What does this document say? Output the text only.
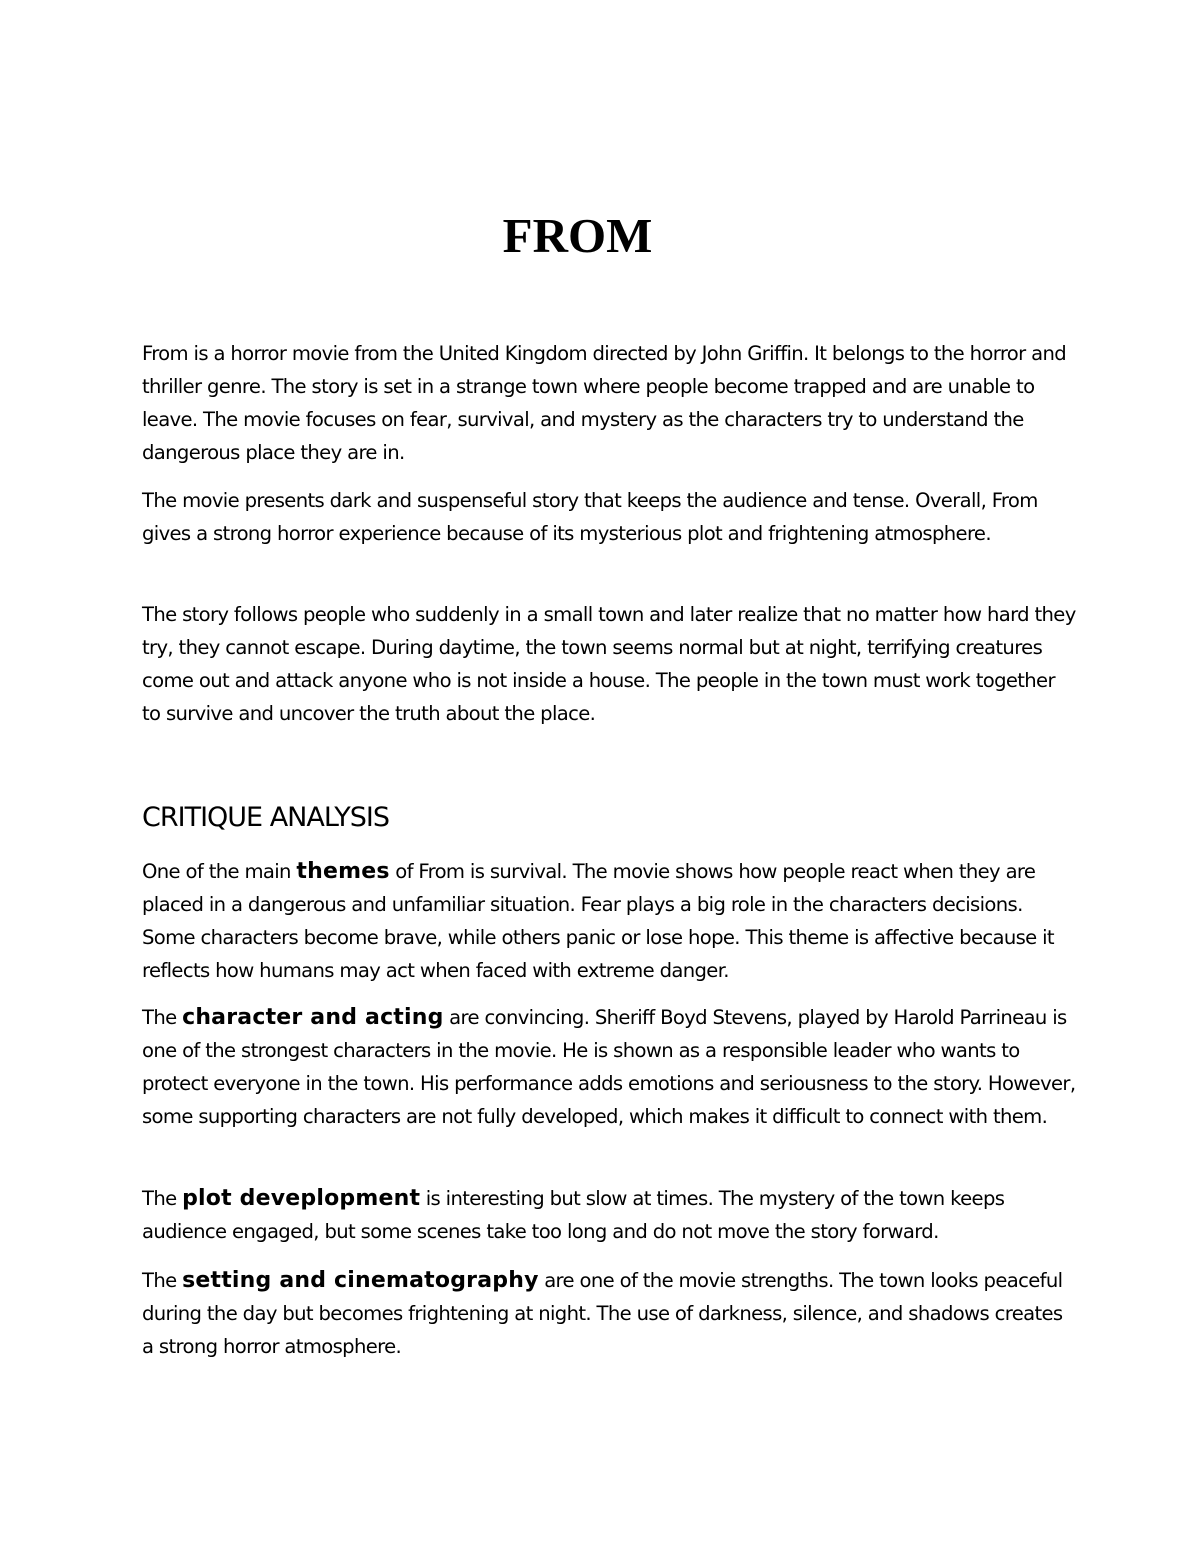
FROM

From is a horror movie from the United Kingdom directed by John Griffin. It belongs to the horror and thriller genre. The story is set in a strange town where people become trapped and are unable to leave. The movie focuses on fear, survival, and mystery as the characters try to understand the dangerous place they are in.

The movie presents dark and suspenseful story that keeps the audience and tense. Overall, From gives a strong horror experience because of its mysterious plot and frightening atmosphere.

The story follows people who suddenly in a small town and later realize that no matter how hard they try, they cannot escape. During daytime, the town seems normal but at night, terrifying creatures come out and attack anyone who is not inside a house. The people in the town must work together to survive and uncover the truth about the place.

CRITIQUE ANALYSIS

One of the main themes of From is survival. The movie shows how people react when they are placed in a dangerous and unfamiliar situation. Fear plays a big role in the characters decisions. Some characters become brave, while others panic or lose hope. This theme is affective because it reflects how humans may act when faced with extreme danger.

The character and acting are convincing. Sheriff Boyd Stevens, played by Harold Parrineau is one of the strongest characters in the movie. He is shown as a responsible leader who wants to protect everyone in the town. His performance adds emotions and seriousness to the story. However, some supporting characters are not fully developed, which makes it difficult to connect with them.

The plot deveplopment is interesting but slow at times. The mystery of the town keeps audience engaged, but some scenes take too long and do not move the story forward.

The setting and cinematography are one of the movie strengths. The town looks peaceful during the day but becomes frightening at night. The use of darkness, silence, and shadows creates a strong horror atmosphere.
